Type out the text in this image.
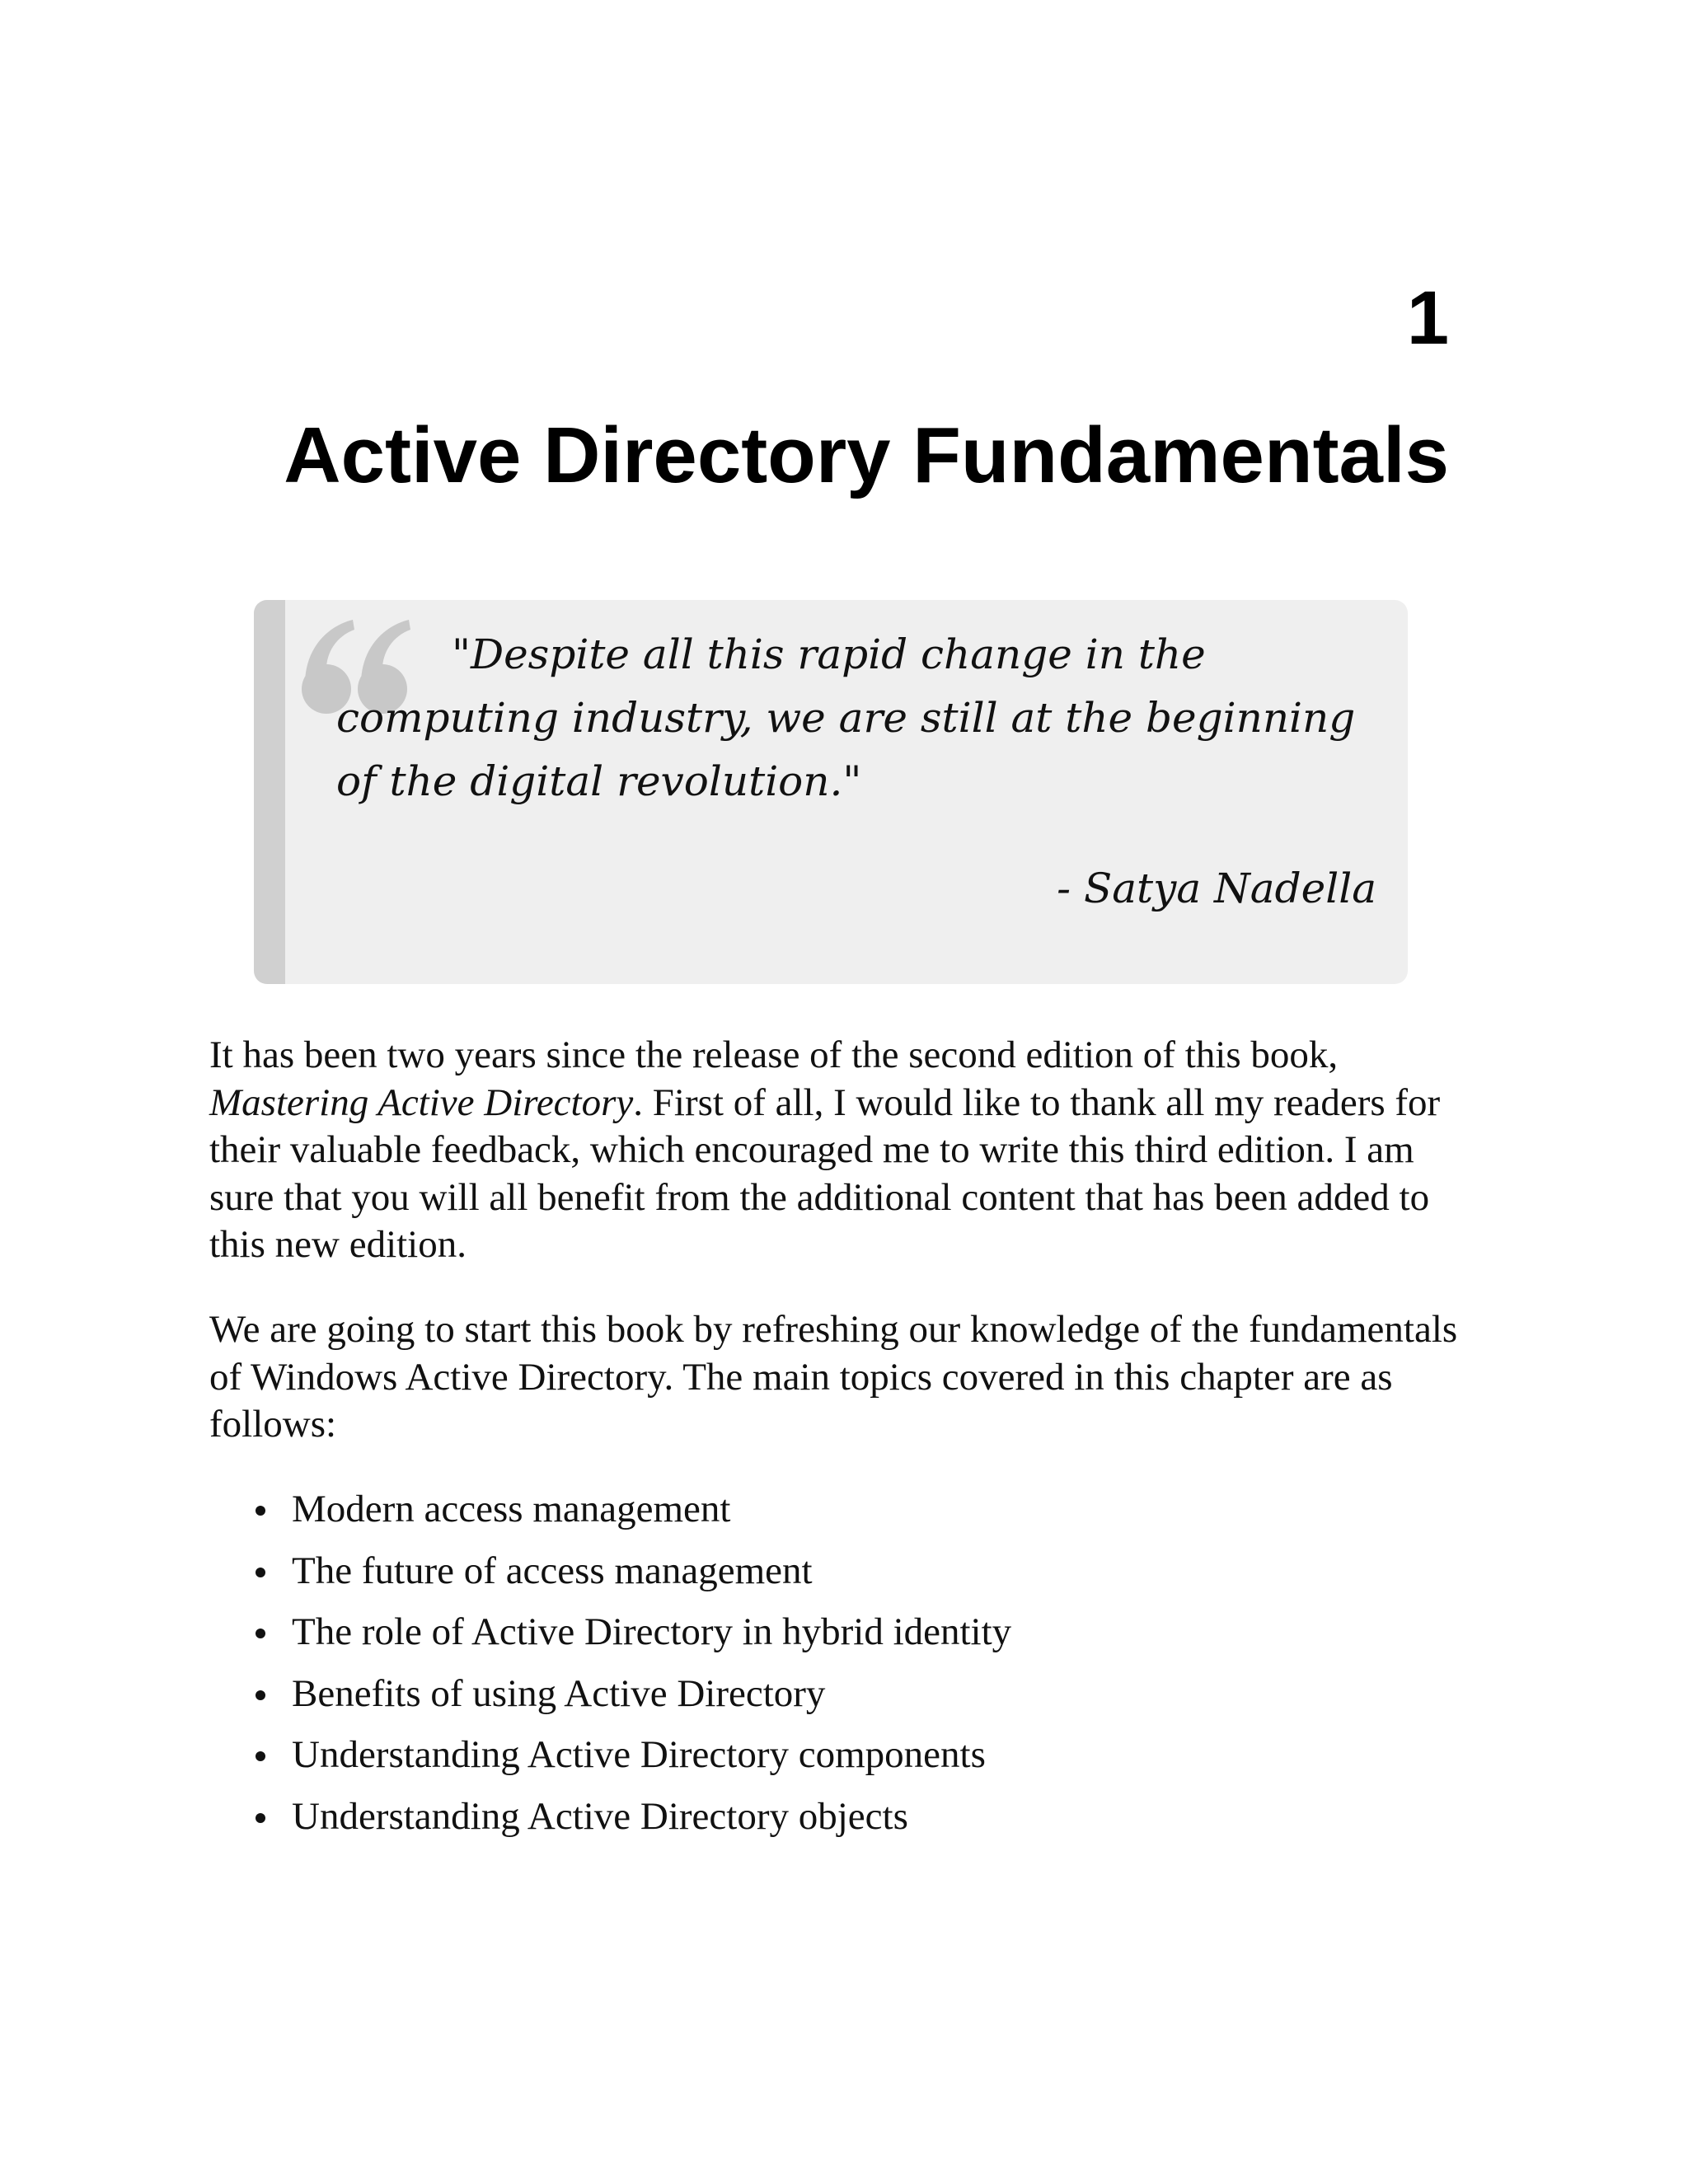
1
Active Directory Fundamentals

"Despite all this rapid change in the computing industry, we are still at the beginning of the digital revolution."

- Satya Nadella

It has been two years since the release of the second edition of this book, Mastering Active Directory. First of all, I would like to thank all my readers for their valuable feedback, which encouraged me to write this third edition. I am sure that you will all benefit from the additional content that has been added to this new edition.

We are going to start this book by refreshing our knowledge of the fundamentals of Windows Active Directory. The main topics covered in this chapter are as follows:

Modern access management
The future of access management
The role of Active Directory in hybrid identity
Benefits of using Active Directory
Understanding Active Directory components
Understanding Active Directory objects
